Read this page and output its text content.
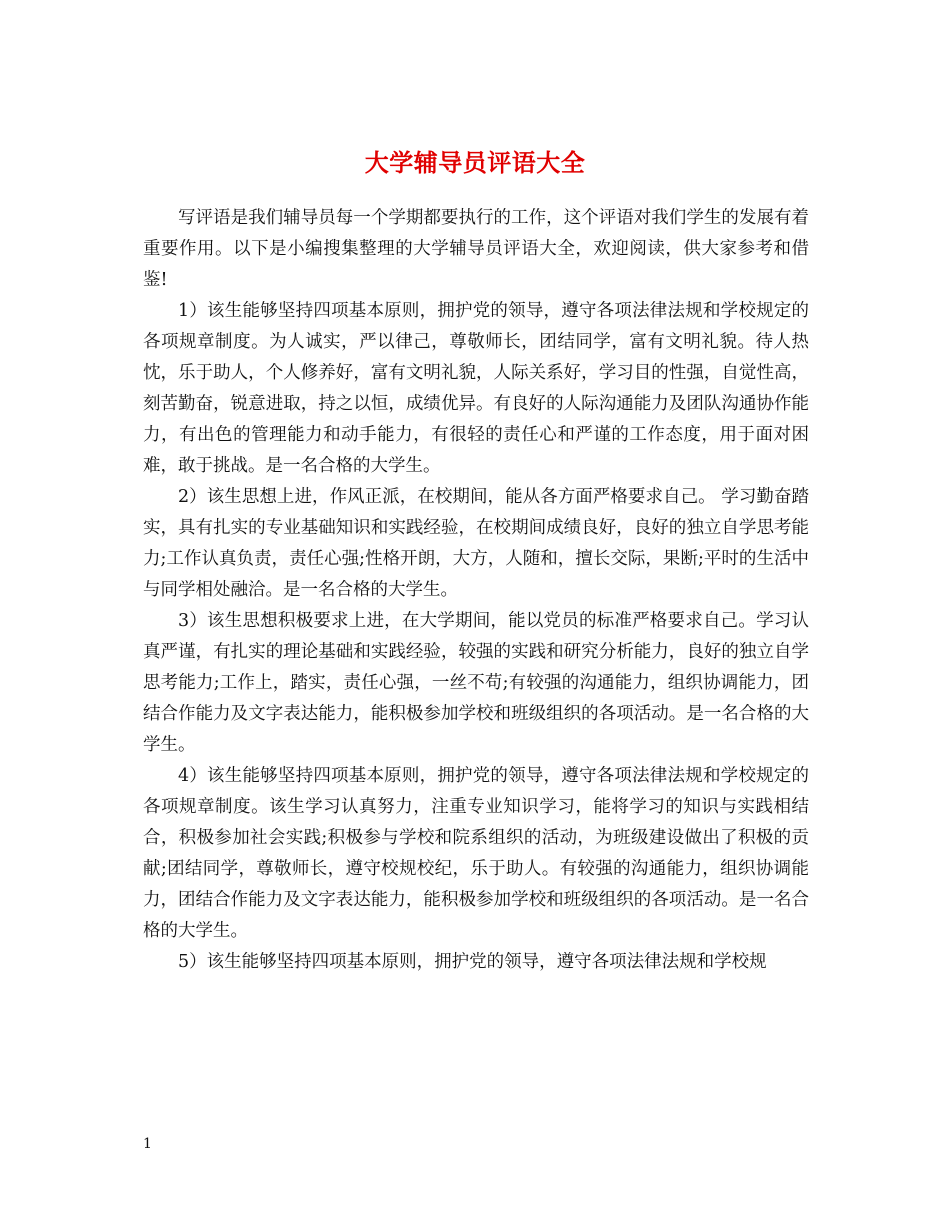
大学辅导员评语大全

写评语是我们辅导员每一个学期都要执行的工作，这个评语对我们学生的发展有着重要作用。以下是小编搜集整理的大学辅导员评语大全，欢迎阅读，供大家参考和借鉴!

1）该生能够坚持四项基本原则，拥护党的领导，遵守各项法律法规和学校规定的各项规章制度。为人诚实，严以律己，尊敬师长，团结同学，富有文明礼貌。待人热忱，乐于助人，个人修养好，富有文明礼貌，人际关系好，学习目的性强，自觉性高，刻苦勤奋，锐意进取，持之以恒，成绩优异。有良好的人际沟通能力及团队沟通协作能力，有出色的管理能力和动手能力，有很轻的责任心和严谨的工作态度，用于面对困难，敢于挑战。是一名合格的大学生。

2）该生思想上进，作风正派，在校期间，能从各方面严格要求自己。 学习勤奋踏实，具有扎实的专业基础知识和实践经验，在校期间成绩良好，良好的独立自学思考能力;工作认真负责，责任心强;性格开朗，大方，人随和，擅长交际，果断;平时的生活中与同学相处融洽。是一名合格的大学生。

3）该生思想积极要求上进，在大学期间，能以党员的标准严格要求自己。学习认真严谨，有扎实的理论基础和实践经验，较强的实践和研究分析能力，良好的独立自学思考能力;工作上，踏实，责任心强，一丝不苟;有较强的沟通能力，组织协调能力，团结合作能力及文字表达能力，能积极参加学校和班级组织的各项活动。是一名合格的大学生。

4）该生能够坚持四项基本原则，拥护党的领导，遵守各项法律法规和学校规定的各项规章制度。该生学习认真努力，注重专业知识学习，能将学习的知识与实践相结合，积极参加社会实践;积极参与学校和院系组织的活动，为班级建设做出了积极的贡献;团结同学，尊敬师长，遵守校规校纪，乐于助人。有较强的沟通能力，组织协调能力，团结合作能力及文字表达能力，能积极参加学校和班级组织的各项活动。是一名合格的大学生。

5）该生能够坚持四项基本原则，拥护党的领导，遵守各项法律法规和学校规

1
